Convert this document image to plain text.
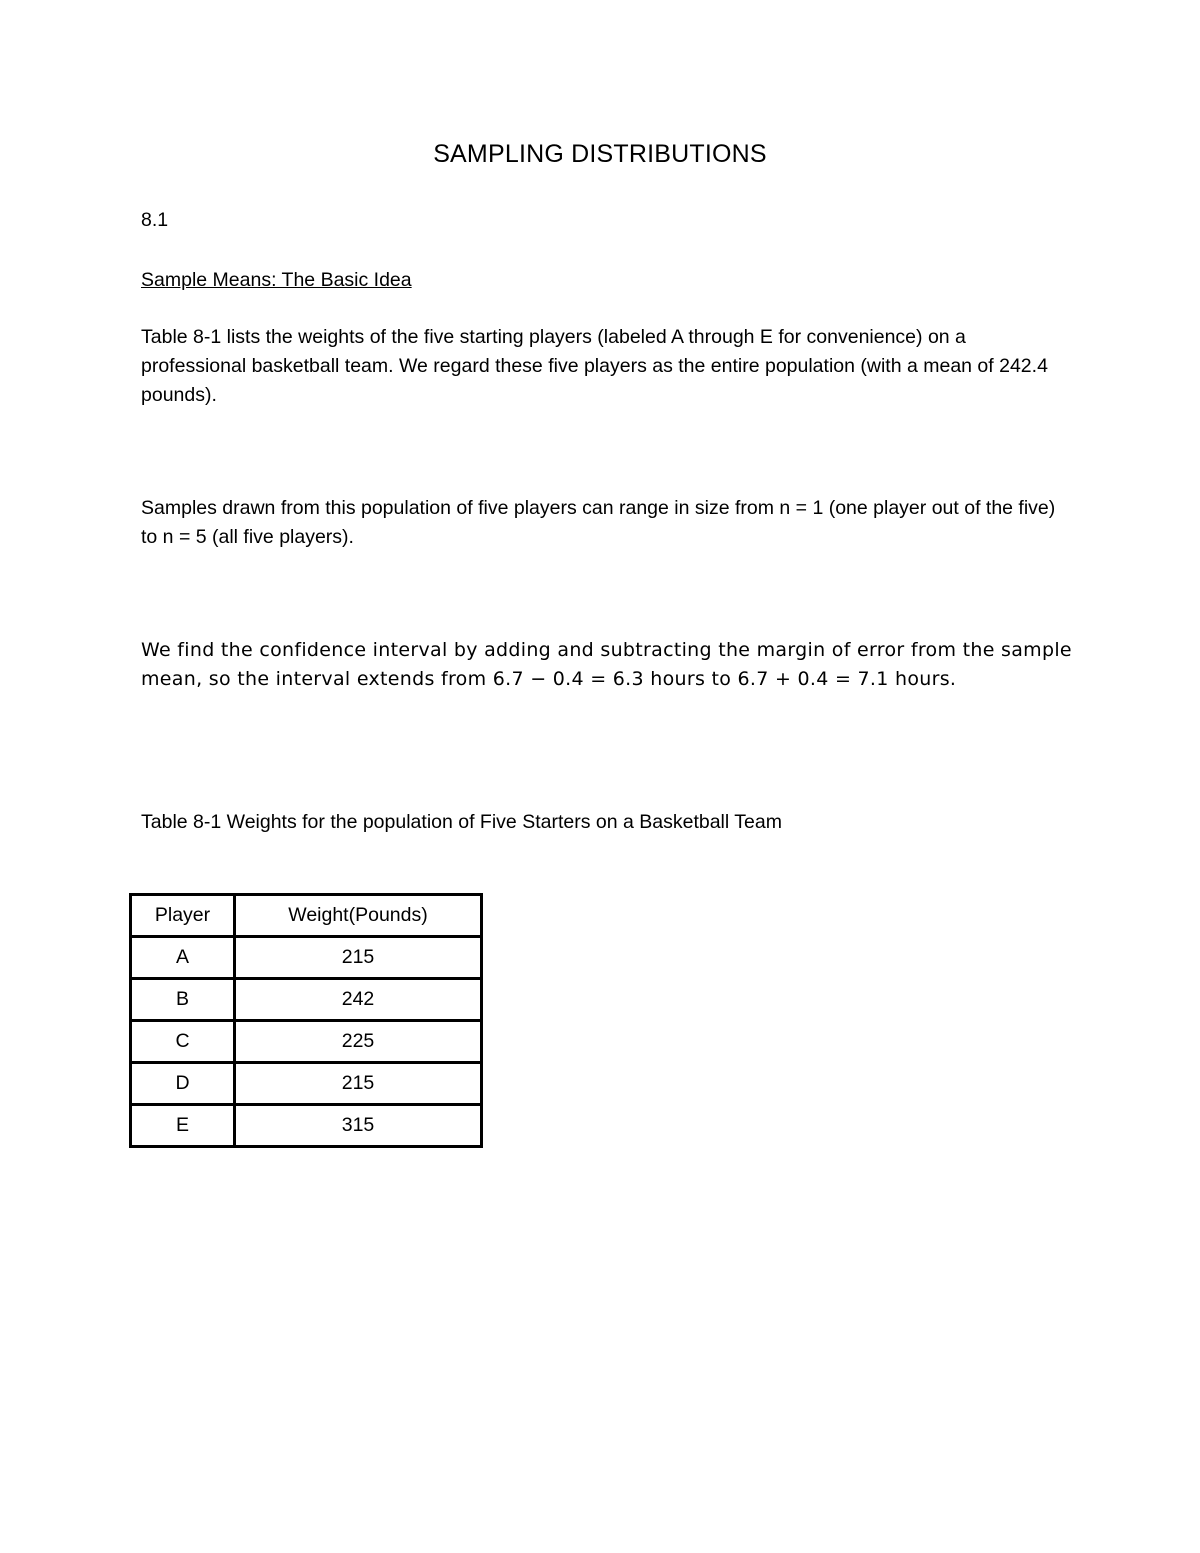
SAMPLING DISTRIBUTIONS
8.1
Sample Means: The Basic Idea
Table 8-1 lists the weights of the five starting players (labeled A through E for convenience) on a professional basketball team. We regard these five players as the entire population (with a mean of 242.4 pounds).
Samples drawn from this population of five players can range in size from n = 1 (one player out of the five) to n = 5 (all five players).
We find the confidence interval by adding and subtracting the margin of error from the sample mean, so the interval extends from 6.7 − 0.4 = 6.3 hours to 6.7 + 0.4 = 7.1 hours.
Table 8-1 Weights for the population of Five Starters on a Basketball Team
Player	Weight(Pounds)
A	215
B	242
C	225
D	215
E	315
